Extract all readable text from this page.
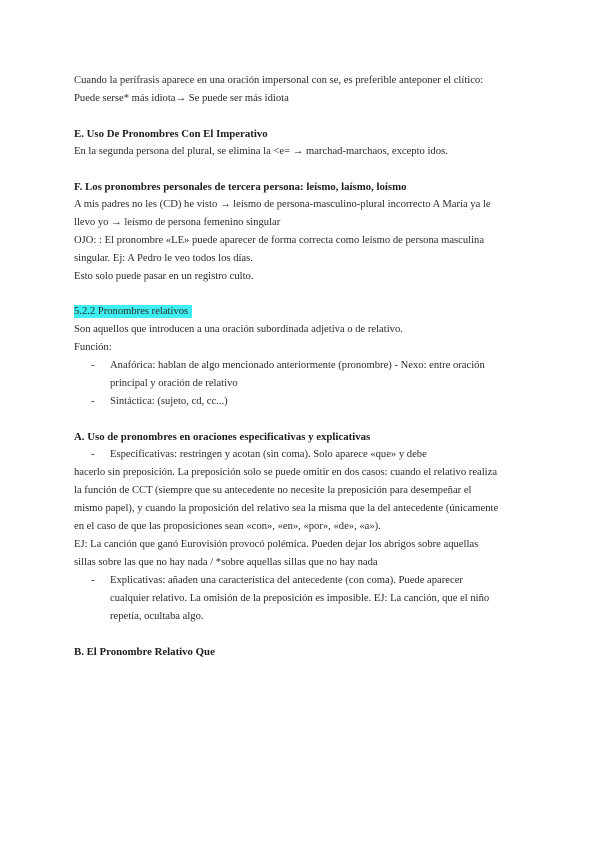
Cuando la perífrasis aparece en una oración impersonal con se, es preferible anteponer el clítico:

Puede serse* más idiota→ Se puede ser más idiota

E. Uso De Pronombres Con El Imperativo

En la segunda persona del plural, se elimina la <e= → marchad-marchaos, excepto idos.

F. Los pronombres personales de tercera persona: leísmo, laísmo, loísmo

A mis padres no les (CD) he visto → leísmo de persona-masculino-plural incorrecto A María ya le

llevo yo → leísmo de persona femenino singular

OJO: : El pronombre «LE» puede aparecer de forma correcta como leísmo de persona masculina

singular. Ej: A Pedro le veo todos los días.

Esto solo puede pasar en un registro culto.

5.2.2 Pronombres relativos

Son aquellos que introducen a una oración subordinada adjetiva o de relativo.

Función:

- Anafórica: hablan de algo mencionado anteriormente (pronombre) - Nexo: entre oración
principal y oración de relativo
- Sintáctica: (sujeto, cd, cc...)
A. Uso de pronombres en oraciones especificativas y explicativas
- Especificativas: restringen y acotan (sin coma). Solo aparece «que» y debe

hacerlo sin preposición. La preposición solo se puede omitir en dos casos: cuando el relativo realiza

la función de CCT (siempre que su antecedente no necesite la preposición para desempeñar el

mismo papel), y cuando la proposición del relativo sea la misma que la del antecedente (únicamente

en el caso de que las proposiciones sean «con», «en», «por», «de», «a»).

EJ: La canción que ganó Eurovisión provocó polémica. Pueden dejar los abrigos sobre aquellas

sillas sobre las que no hay nada / *sobre aquellas sillas que no hay nada

- Explicativas: añaden una característica del antecedente (con coma). Puede aparecer
cualquier relativo. La omisión de la preposición es imposible. EJ: La canción, que el niño
repetía, ocultaba algo.
B. El Pronombre Relativo Que
